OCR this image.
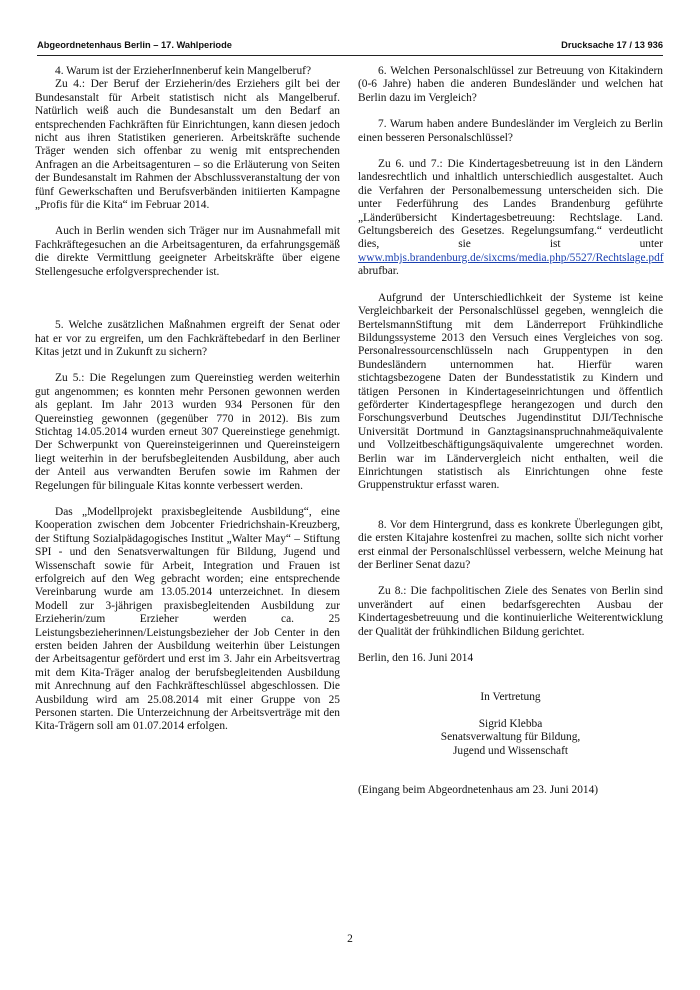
Abgeordnetenhaus Berlin – 17. Wahlperiode	Drucksache 17 / 13 936

4. Warum ist der ErzieherInnenberuf kein Mangelberuf?

Zu 4.: Der Beruf der Erzieherin/des Erziehers gilt bei der Bundesanstalt für Arbeit statistisch nicht als Mangelberuf. Natürlich weiß auch die Bundesanstalt um den Bedarf an entsprechenden Fachkräften für Einrichtungen, kann diesen jedoch nicht aus ihren Statistiken generieren. Arbeitskräfte suchende Träger wenden sich offenbar zu wenig mit entsprechenden Anfragen an die Arbeitsagenturen – so die Erläuterung von Seiten der Bundesanstalt im Rahmen der Abschlussveranstaltung der von fünf Gewerkschaften und Berufsverbänden initiierten Kampagne „Profis für die Kita“ im Februar 2014.

Auch in Berlin wenden sich Träger nur im Ausnahmefall mit Fachkräftegesuchen an die Arbeitsagenturen, da erfahrungsgemäß die direkte Vermittlung geeigneter Arbeitskräfte über eigene Stellengesuche erfolgversprechender ist.

5. Welche zusätzlichen Maßnahmen ergreift der Senat oder hat er vor zu ergreifen, um den Fachkräftebedarf in den Berliner Kitas jetzt und in Zukunft zu sichern?

Zu 5.: Die Regelungen zum Quereinstieg werden weiterhin gut angenommen; es konnten mehr Personen gewonnen werden als geplant. Im Jahr 2013 wurden 934 Personen für den Quereinstieg gewonnen (gegenüber 770 in 2012). Bis zum Stichtag 14.05.2014 wurden erneut 307 Quereinstiege genehmigt. Der Schwerpunkt von Quereinsteigerinnen und Quereinsteigern liegt weiterhin in der berufsbegleitenden Ausbildung, aber auch der Anteil aus verwandten Berufen sowie im Rahmen der Regelungen für bilinguale Kitas konnte verbessert werden.

Das „Modellprojekt praxisbegleitende Ausbildung“, eine Kooperation zwischen dem Jobcenter Friedrichshain-Kreuzberg, der Stiftung Sozialpädagogisches Institut „Walter May“ – Stiftung SPI - und den Senatsverwaltungen für Bildung, Jugend und Wissenschaft sowie für Arbeit, Integration und Frauen ist erfolgreich auf den Weg gebracht worden; eine entsprechende Vereinbarung wurde am 13.05.2014 unterzeichnet. In diesem Modell zur 3-jährigen praxisbegleitenden Ausbildung zur Erzieherin/zum Erzieher werden ca. 25 Leistungsbezieherinnen/Leistungsbezieher der Job Center in den ersten beiden Jahren der Ausbildung weiterhin über Leistungen der Arbeitsagentur gefördert und erst im 3. Jahr ein Arbeitsvertrag mit dem Kita-Träger analog der berufsbegleitenden Ausbildung mit Anrechnung auf den Fachkräfteschlüssel abgeschlossen. Die Ausbildung wird am 25.08.2014 mit einer Gruppe von 25 Personen starten. Die Unterzeichnung der Arbeitsverträge mit den Kita-Trägern soll am 01.07.2014 erfolgen.

6. Welchen Personalschlüssel zur Betreuung von Kitakindern (0-6 Jahre) haben die anderen Bundesländer und welchen hat Berlin dazu im Vergleich?

7. Warum haben andere Bundesländer im Vergleich zu Berlin einen besseren Personalschlüssel?

Zu 6. und 7.: Die Kindertagesbetreuung ist in den Ländern landesrechtlich und inhaltlich unterschiedlich ausgestaltet. Auch die Verfahren der Personalbemessung unterscheiden sich. Die unter Federführung des Landes Brandenburg geführte „Länderübersicht Kindertagesbetreuung: Rechtslage. Land. Geltungsbereich des Gesetzes. Regelungsumfang.“ verdeutlicht dies, sie ist unter www.mbjs.brandenburg.de/sixcms/media.php/5527/Rechtslage.pdf abrufbar.

Aufgrund der Unterschiedlichkeit der Systeme ist keine Vergleichbarkeit der Personalschlüssel gegeben, wenngleich die BertelsmannStiftung mit dem Länderreport Frühkindliche Bildungssysteme 2013 den Versuch eines Vergleiches von sog. Personalressourcenschlüsseln nach Gruppentypen in den Bundesländern unternommen hat. Hierfür waren stichtagsbezogene Daten der Bundesstatistik zu Kindern und tätigen Personen in Kindertageseinrichtungen und öffentlich geförderter Kindertagespflege herangezogen und durch den Forschungsverbund Deutsches Jugendinstitut DJI/Technische Universität Dortmund in Ganztagsinanspruchnahmeäquivalente und Vollzeitbeschäftigungsäquivalente umgerechnet worden. Berlin war im Ländervergleich nicht enthalten, weil die Einrichtungen statistisch als Einrichtungen ohne feste Gruppenstruktur erfasst waren.

8. Vor dem Hintergrund, dass es konkrete Überlegungen gibt, die ersten Kitajahre kostenfrei zu machen, sollte sich nicht vorher erst einmal der Personalschlüssel verbessern, welche Meinung hat der Berliner Senat dazu?

Zu 8.: Die fachpolitischen Ziele des Senates von Berlin sind unverändert auf einen bedarfsgerechten Ausbau der Kindertagesbetreuung und die kontinuierliche Weiterentwicklung der Qualität der frühkindlichen Bildung gerichtet.

Berlin, den 16. Juni 2014

In Vertretung

Sigrid Klebba

Senatsverwaltung für Bildung,

Jugend und Wissenschaft

(Eingang beim Abgeordnetenhaus am 23. Juni 2014)

2
